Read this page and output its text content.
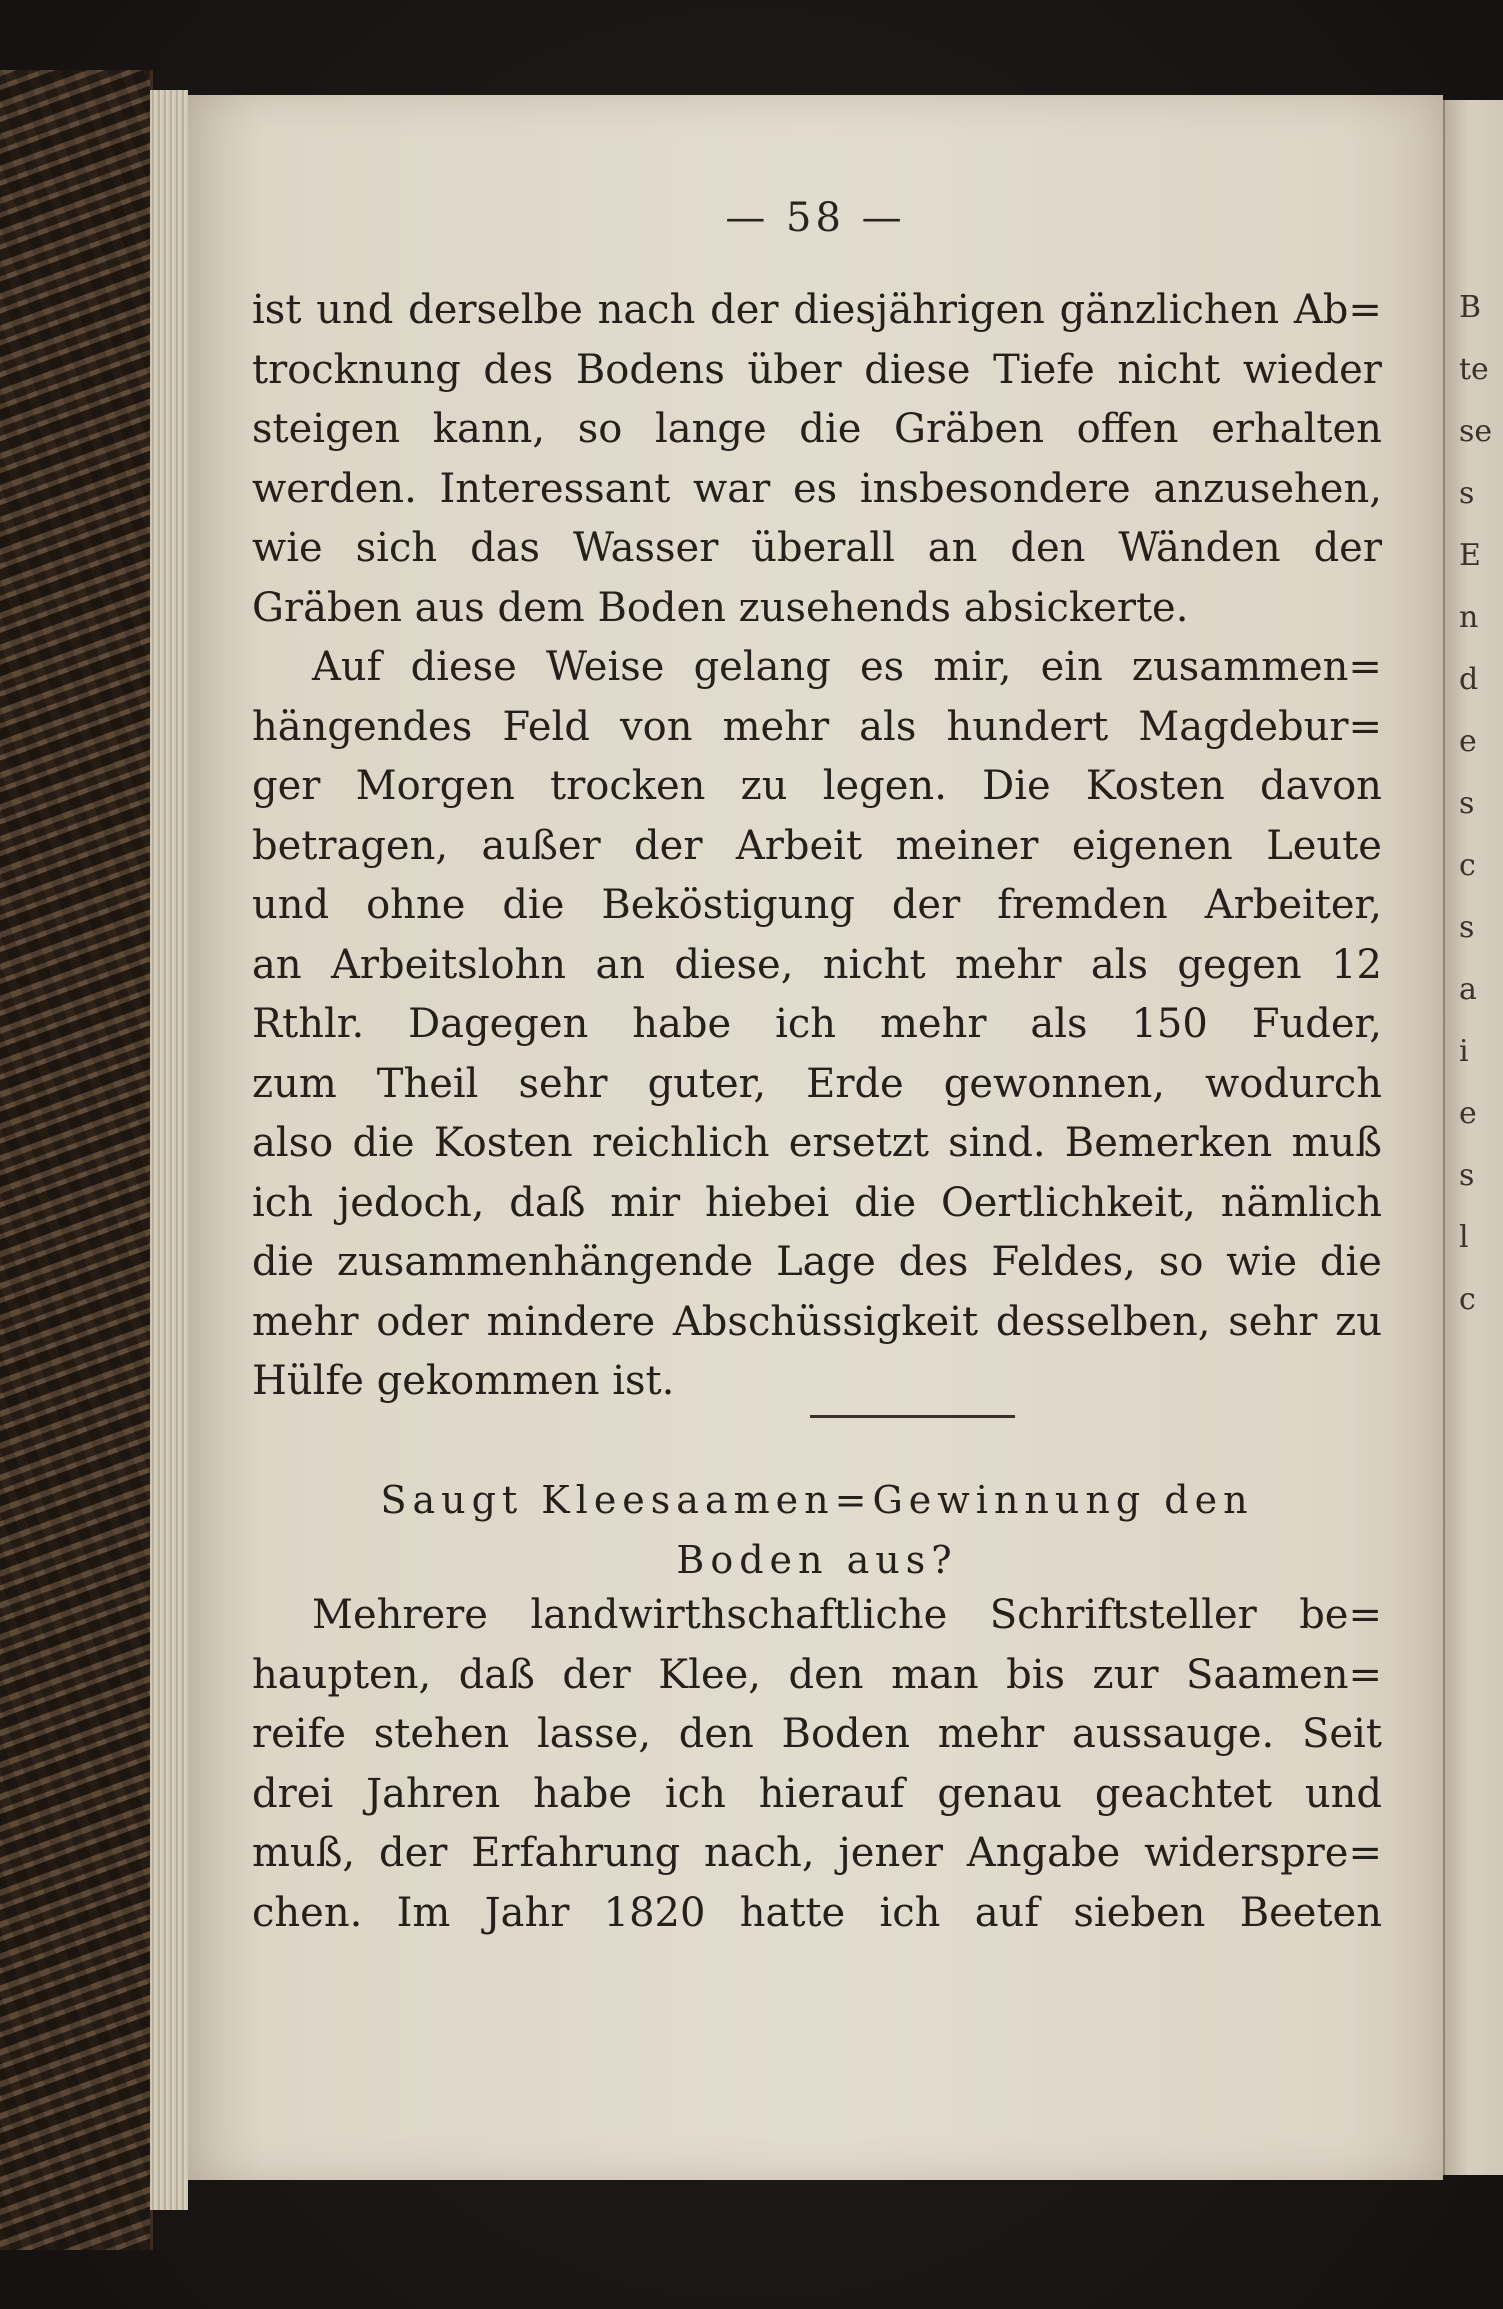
B
te
se
s
E
n
d
e
s
c
s
a
i
e
s
l
c
— 58 —
ist und derselbe nach der diesjährigen gänzlichen Ab=
trocknung des Bodens über diese Tiefe nicht wieder
steigen kann, so lange die Gräben offen erhalten
werden. Interessant war es insbesondere anzusehen,
wie sich das Wasser überall an den Wänden der
Gräben aus dem Boden zusehends absickerte.
Auf diese Weise gelang es mir, ein zusammen=
hängendes Feld von mehr als hundert Magdebur=
ger Morgen trocken zu legen. Die Kosten davon
betragen, außer der Arbeit meiner eigenen Leute
und ohne die Beköstigung der fremden Arbeiter,
an Arbeitslohn an diese, nicht mehr als gegen 12
Rthlr. Dagegen habe ich mehr als 150 Fuder,
zum Theil sehr guter, Erde gewonnen, wodurch
also die Kosten reichlich ersetzt sind. Bemerken muß
ich jedoch, daß mir hiebei die Oertlichkeit, nämlich
die zusammenhängende Lage des Feldes, so wie die
mehr oder mindere Abschüssigkeit desselben, sehr zu
Hülfe gekommen ist.
Mehrere landwirthschaftliche Schriftsteller be=
haupten, daß der Klee, den man bis zur Saamen=
reife stehen lasse, den Boden mehr aussauge. Seit
drei Jahren habe ich hierauf genau geachtet und
muß, der Erfahrung nach, jener Angabe widerspre=
chen. Im Jahr 1820 hatte ich auf sieben Beeten
Saugt Kleesaamen=Gewinnung den
Boden aus?
